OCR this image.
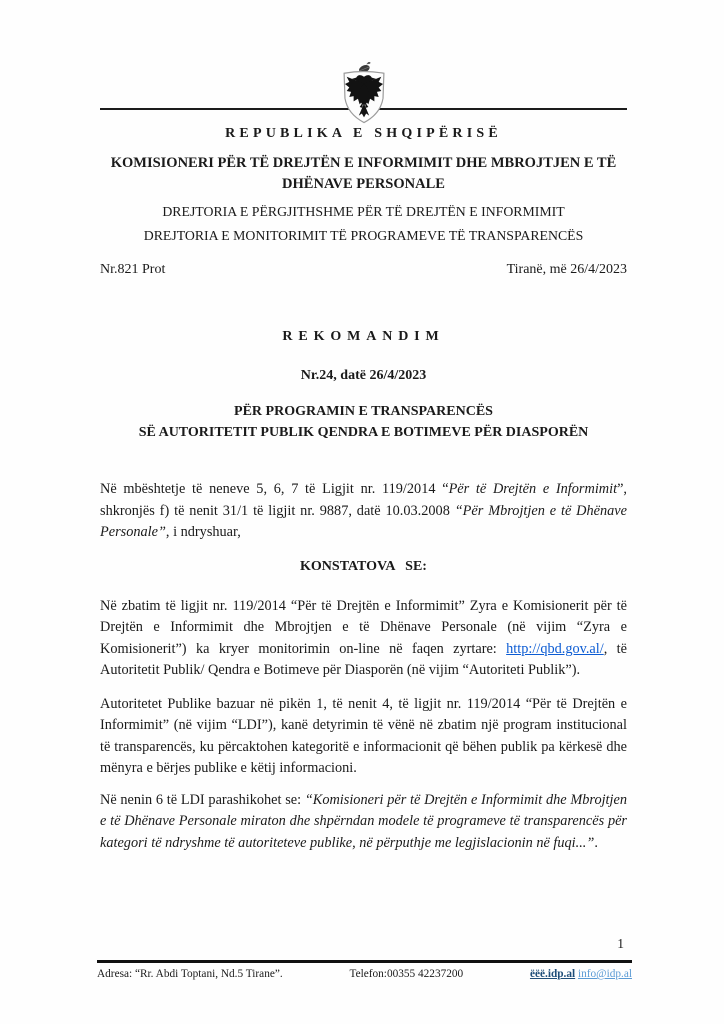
REPUBLIKA E SHQIPËRISË
KOMISIONERI PËR TË DREJTËN E INFORMIMIT DHE MBROJTJEN E TË
DHËNAVE PERSONALE
DREJTORIA E PËRGJITHSHME PËR TË DREJTËN E INFORMIMIT
DREJTORIA E MONITORIMIT TË PROGRAMEVE TË TRANSPARENCËS
Nr.821 Prot	Tiranë, më 26/4/2023
REKOMANDIM
Nr.24, datë 26/4/2023
PËR PROGRAMIN E TRANSPARENCËS
SË AUTORITETIT PUBLIK QENDRA E BOTIMEVE PËR DIASPORËN

Në mbështetje të neneve 5, 6, 7 të Ligjit nr. 119/2014 “Për të Drejtën e Informimit”, shkronjës f) të nenit 31/1 të ligjit nr. 9887, datë 10.03.2008 “Për Mbrojtjen e të Dhënave Personale”, i ndryshuar,

KONSTATOVA SE:

Në zbatim të ligjit nr. 119/2014 “Për të Drejtën e Informimit” Zyra e Komisionerit për të Drejtën e Informimit dhe Mbrojtjen e të Dhënave Personale (në vijim “Zyra e Komisionerit”) ka kryer monitorimin on-line në faqen zyrtare: http://qbd.gov.al/, të Autoritetit Publik/ Qendra e Botimeve për Diasporën (në vijim “Autoriteti Publik”).

Autoritetet Publike bazuar në pikën 1, të nenit 4, të ligjit nr. 119/2014 “Për të Drejtën e Informimit” (në vijim “LDI”), kanë detyrimin të vënë në zbatim një program institucional të transparencës, ku përcaktohen kategoritë e informacionit që bëhen publik pa kërkesë dhe mënyra e bërjes publike e këtij informacioni.

Në nenin 6 të LDI parashikohet se: “Komisioneri për të Drejtën e Informimit dhe Mbrojtjen e të Dhënave Personale miraton dhe shpërndan modele të programeve të transparencës për kategori të ndryshme të autoriteteve publike, në përputhje me legjislacionin në fuqi...”.

1
Adresa: “Rr. Abdi Toptani, Nd.5 Tirane”.	Telefon:00355 42237200	ëëë.idp.al info@idp.al
